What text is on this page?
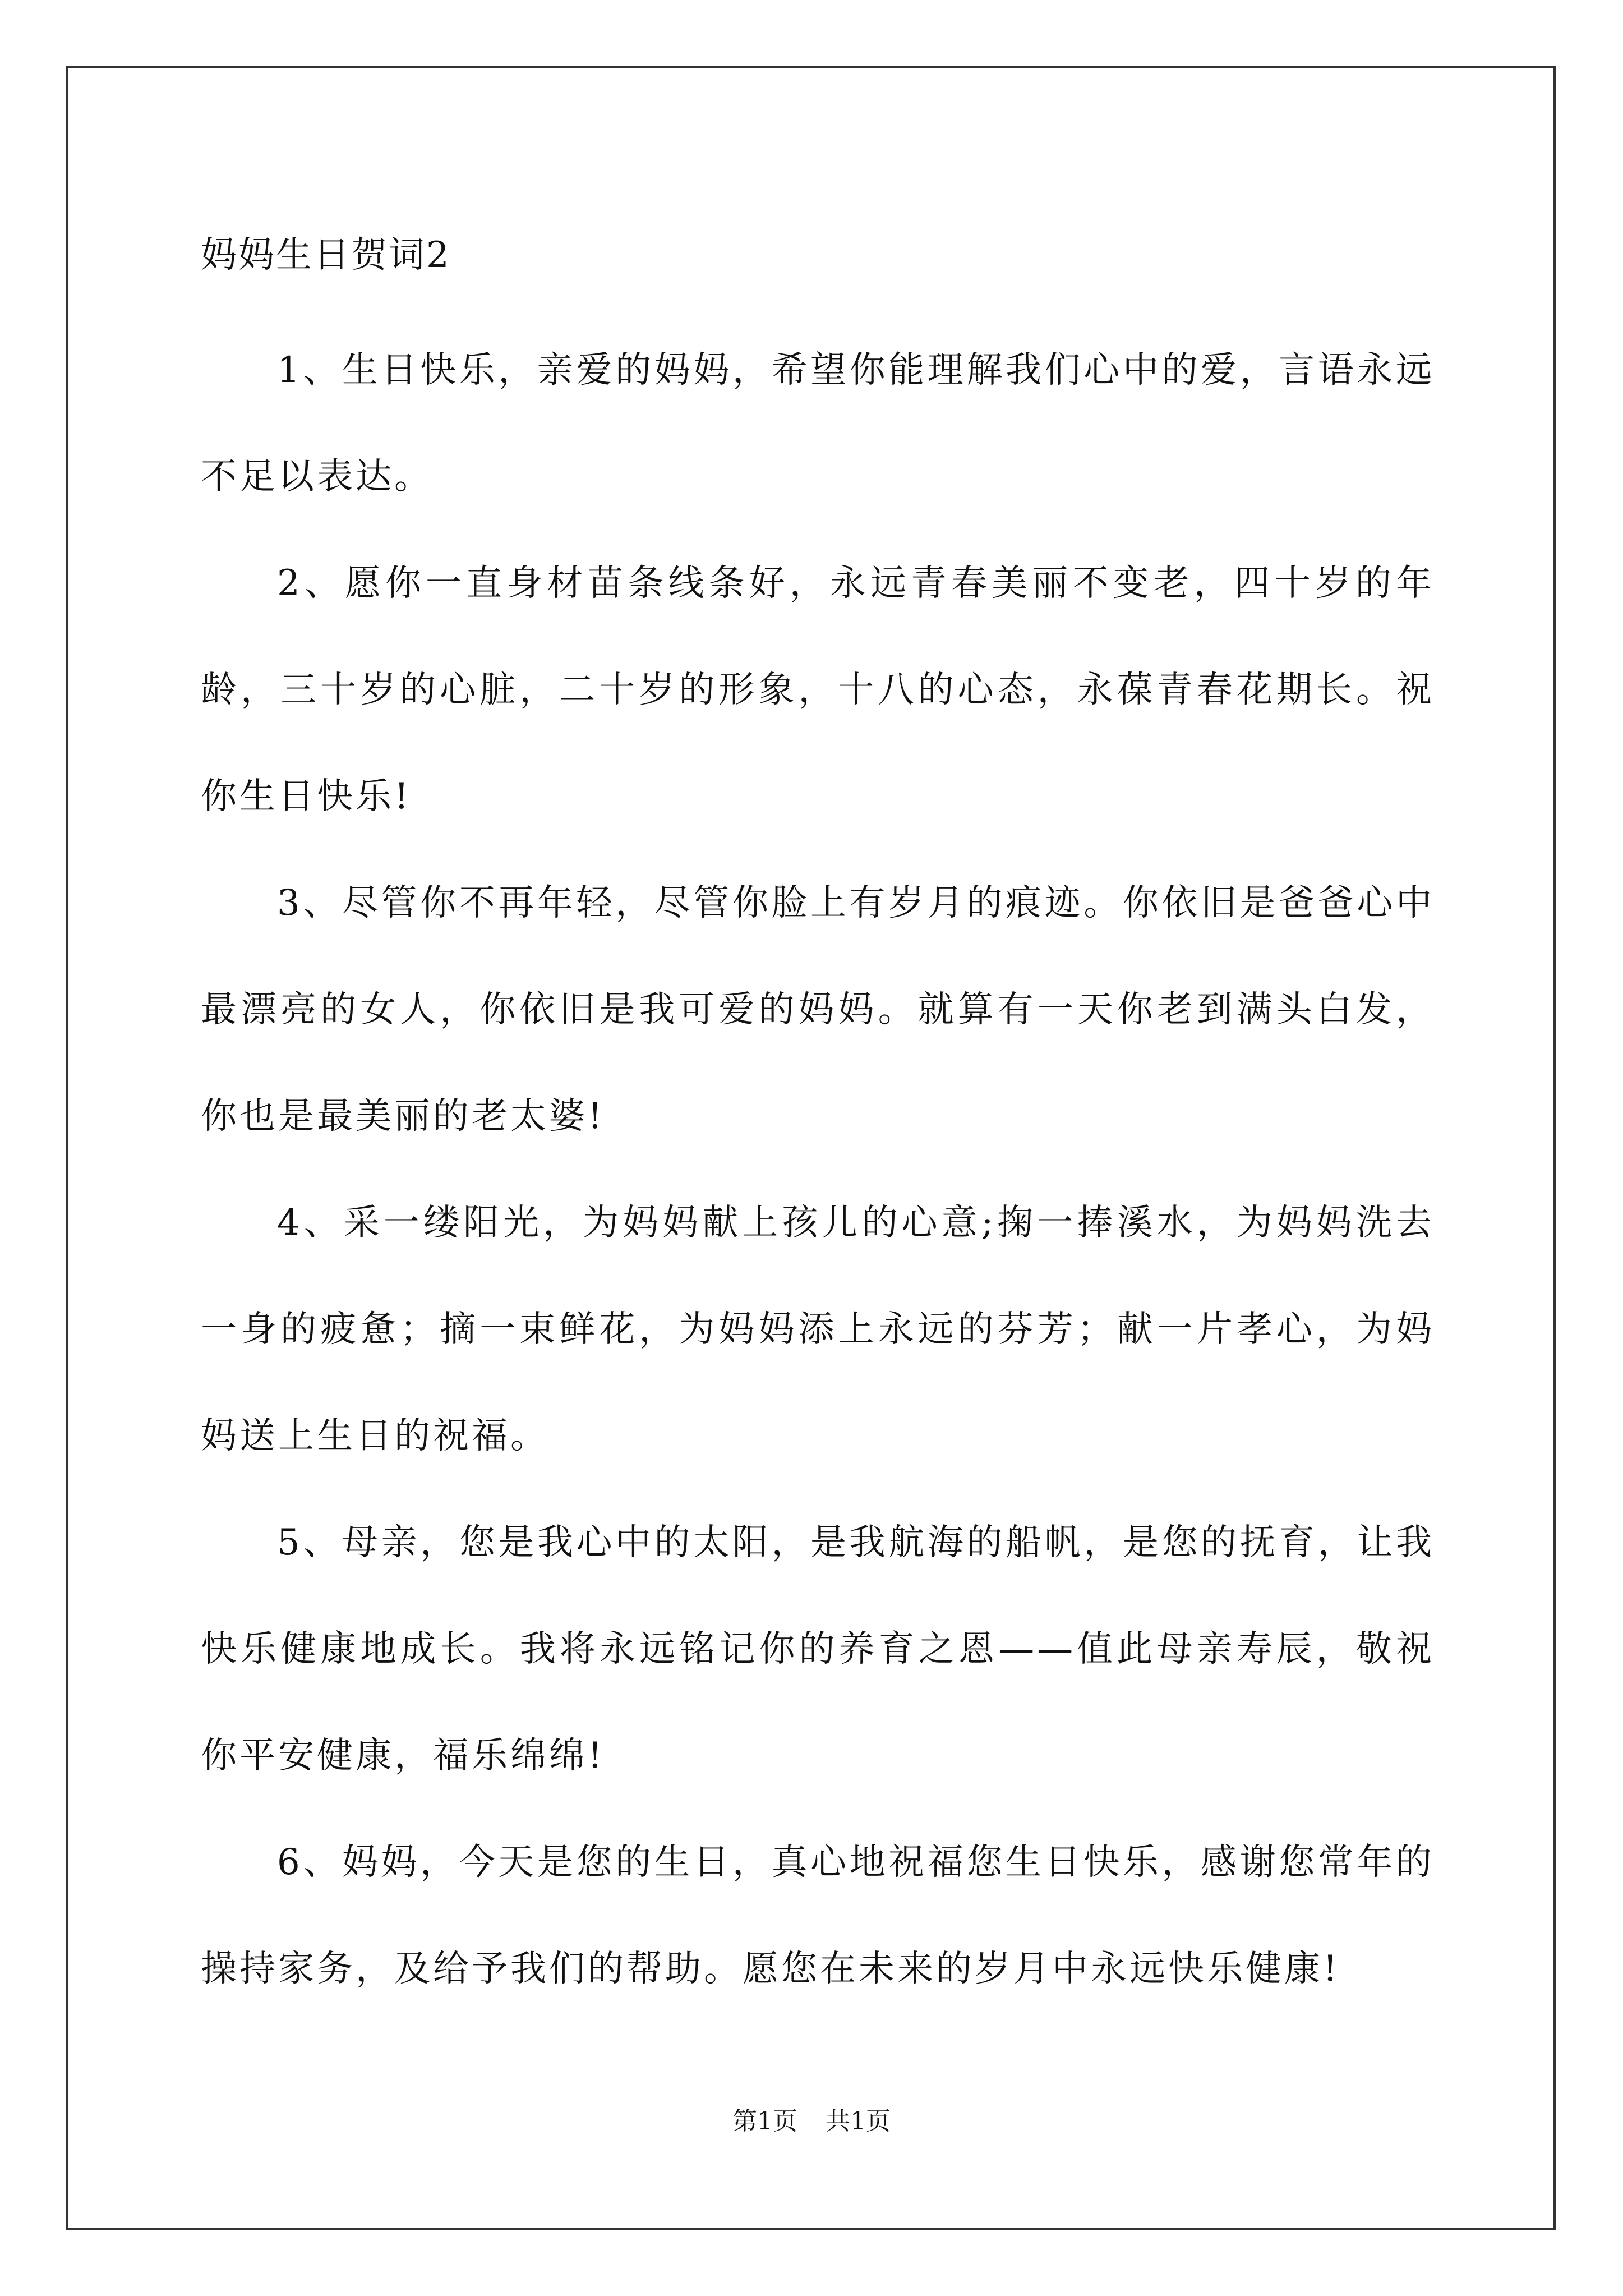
妈妈生日贺词2

1、生日快乐，亲爱的妈妈，希望你能理解我们心中的爱，言语永远不足以表达。

2、愿你一直身材苗条线条好，永远青春美丽不变老，四十岁的年龄，三十岁的心脏，二十岁的形象，十八的心态，永葆青春花期长。祝你生日快乐!

3、尽管你不再年轻，尽管你脸上有岁月的痕迹。你依旧是爸爸心中最漂亮的女人，你依旧是我可爱的妈妈。就算有一天你老到满头白发，你也是最美丽的老太婆!

4、采一缕阳光，为妈妈献上孩儿的心意;掬一捧溪水，为妈妈洗去一身的疲惫；摘一束鲜花，为妈妈添上永远的芬芳；献一片孝心，为妈妈送上生日的祝福。

5、母亲，您是我心中的太阳，是我航海的船帆，是您的抚育，让我快乐健康地成长。我将永远铭记你的养育之恩——值此母亲寿辰，敬祝你平安健康，福乐绵绵!

6、妈妈，今天是您的生日，真心地祝福您生日快乐，感谢您常年的操持家务，及给予我们的帮助。愿您在未来的岁月中永远快乐健康!

第1页 共1页
